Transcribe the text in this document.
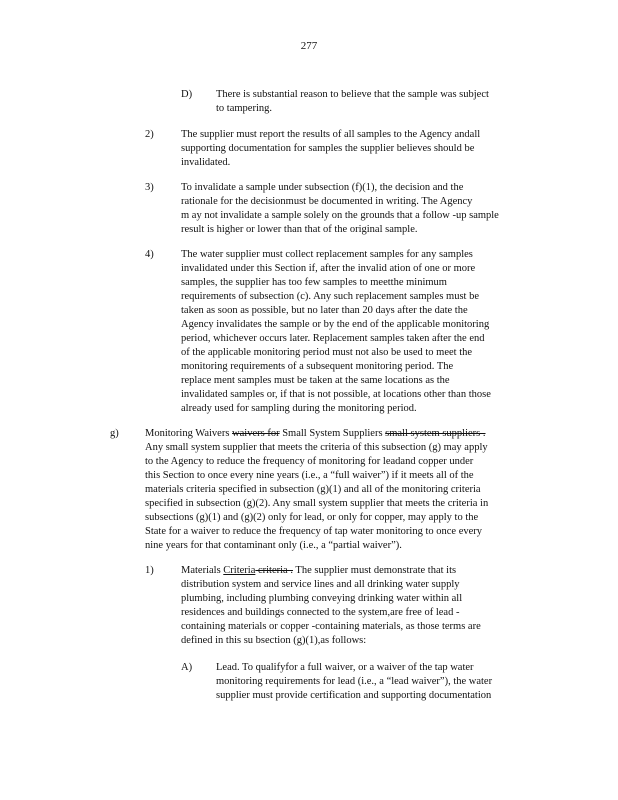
277
D) There is substantial reason to believe that the sample was subject
to tampering.
2)	The supplier must report the results of all samples to the Agency andall
supporting documentation for samples the supplier believes should be
invalidated.
3)	To invalidate a sample under subsection (f)(1), the decision and the
rationale for the decisionmust be documented in writing. The Agency
m ay not invalidate a sample solely on the grounds that a follow -up sample
result is higher or lower than that of the original sample.
4)	The water supplier must collect replacement samples for any samples
invalidated under this Section if, after the invalid ation of one or more
samples, the supplier has too few samples to meetthe minimum
requirements of subsection (c). Any such replacement samples must be
taken as soon as possible, but no later than 20 days after the date the
Agency invalidates the sample or by the end of the applicable monitoring
period, whichever occurs later. Replacement samples taken after the end
of the applicable monitoring period must not also be used to meet the
monitoring requirements of a subsequent monitoring period. The
replace ment samples must be taken at the same locations as the
invalidated samples or, if that is not possible, at locations other than those
already used for sampling during the monitoring period.
g)	Monitoring Waivers waivers for Small System Suppliers small system suppliers .
Any small system supplier that meets the criteria of this subsection (g) may apply
to the Agency to reduce the frequency of monitoring for leadand copper under
this Section to once every nine years (i.e., a “full waiver”) if it meets all of the
materials criteria specified in subsection (g)(1) and all of the monitoring criteria
specified in subsection (g)(2). Any small system supplier that meets the criteria in
subsections (g)(1) and (g)(2) only for lead, or only for copper, may apply to the
State for a waiver to reduce the frequency of tap water monitoring to once every
nine years for that contaminant only (i.e., a “partial waiver”).
1)	Materials Criteria criteria . The supplier must demonstrate that its
distribution system and service lines and all drinking water supply
plumbing, including plumbing conveying drinking water within all
residences and buildings connected to the system,are free of lead -
containing materials or copper -containing materials, as those terms are
defined in this su bsection (g)(1),as follows:
A) Lead. To qualifyfor a full waiver, or a waiver of the tap water
monitoring requirements for lead (i.e., a “lead waiver”), the water
supplier must provide certification and supporting documentation
